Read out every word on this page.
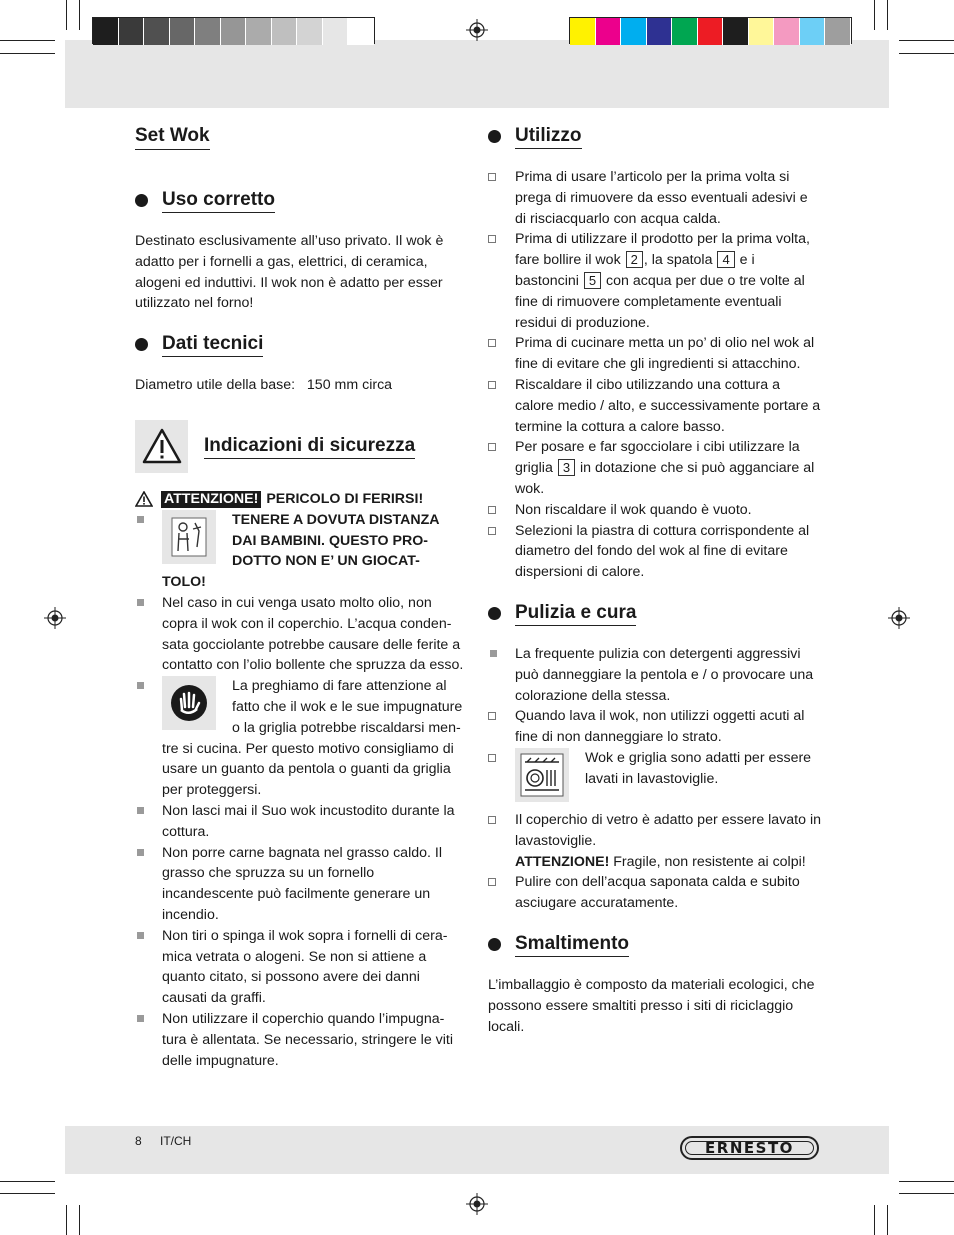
Set Wok
Uso corretto

Destinato esclusivamente all’uso privato. Il wok è adatto per i fornelli a gas, elettrici, di ceramica, alogeni ed induttivi. Il wok non è adatto per esser utilizzato nel forno!

Dati tecnici

Diametro utile della base: 150 mm circa

Indicazioni di sicurezza
ATTENZIONE! PERICOLO DI FERIRSI!
TENERE A DOVUTA DISTANZA DAI BAMBINI. QUESTO PRO- DOTTO NON E’ UN GIOCAT- TOLO!
Nel caso in cui venga usato molto olio, non copra il wok con il coperchio. L’acqua conden- sata gocciolante potrebbe causare delle ferite a contatto con l’olio bollente che spruzza da esso.
La preghiamo di fare attenzione al fatto che il wok e le sue impugnature o la griglia potrebbe riscaldarsi men- tre si cucina. Per questo motivo consigliamo di usare un guanto da pentola o guanti da griglia per proteggersi.
Non lasci mai il Suo wok incustodito durante la cottura.
Non porre carne bagnata nel grasso caldo. Il grasso che spruzza su un fornello incandescente può facilmente generare un incendio.
Non tiri o spinga il wok sopra i fornelli di cera- mica vetrata o alogeni. Se non si attiene a quanto citato, si possono avere dei danni causati da graffi.
Non utilizzare il coperchio quando l’impugna- tura è allentata. Se necessario, stringere le viti delle impugnature.
Utilizzo
Prima di usare l’articolo per la prima volta si prega di rimuovere da esso eventuali adesivi e di risciacquarlo con acqua calda.
Prima di utilizzare il prodotto per la prima volta, fare bollire il wok 2 , la spatola 4 e i bastoncini 5 con acqua per due o tre volte al fine di rimuovere completamente eventuali residui di produzione.
Prima di cucinare metta un po’ di olio nel wok al fine di evitare che gli ingredienti si attacchino.
Riscaldare il cibo utilizzando una cottura a calore medio / alto, e successivamente portare a termine la cottura a calore basso.
Per posare e far sgocciolare i cibi utilizzare la griglia 3 in dotazione che si può agganciare al wok.
Non riscaldare il wok quando è vuoto.
Selezioni la piastra di cottura corrispondente al diametro del fondo del wok al fine di evitare dispersioni di calore.
Pulizia e cura
La frequente pulizia con detergenti aggressivi può danneggiare la pentola e / o provocare una colorazione della stessa.
Quando lava il wok, non utilizzi oggetti acuti al fine di non danneggiare lo strato.
Wok e griglia sono adatti per essere lavati in lavastoviglie.
Il coperchio di vetro è adatto per essere lavato in lavastoviglie.
ATTENZIONE! Fragile, non resistente ai colpi!
Pulire con dell’acqua saponata calda e subito asciugare accuratamente.
Smaltimento

L’imballaggio è composto da materiali ecologici, che possono essere smaltiti presso i siti di riciclaggio locali.

8 IT/CH	ERNESTO
